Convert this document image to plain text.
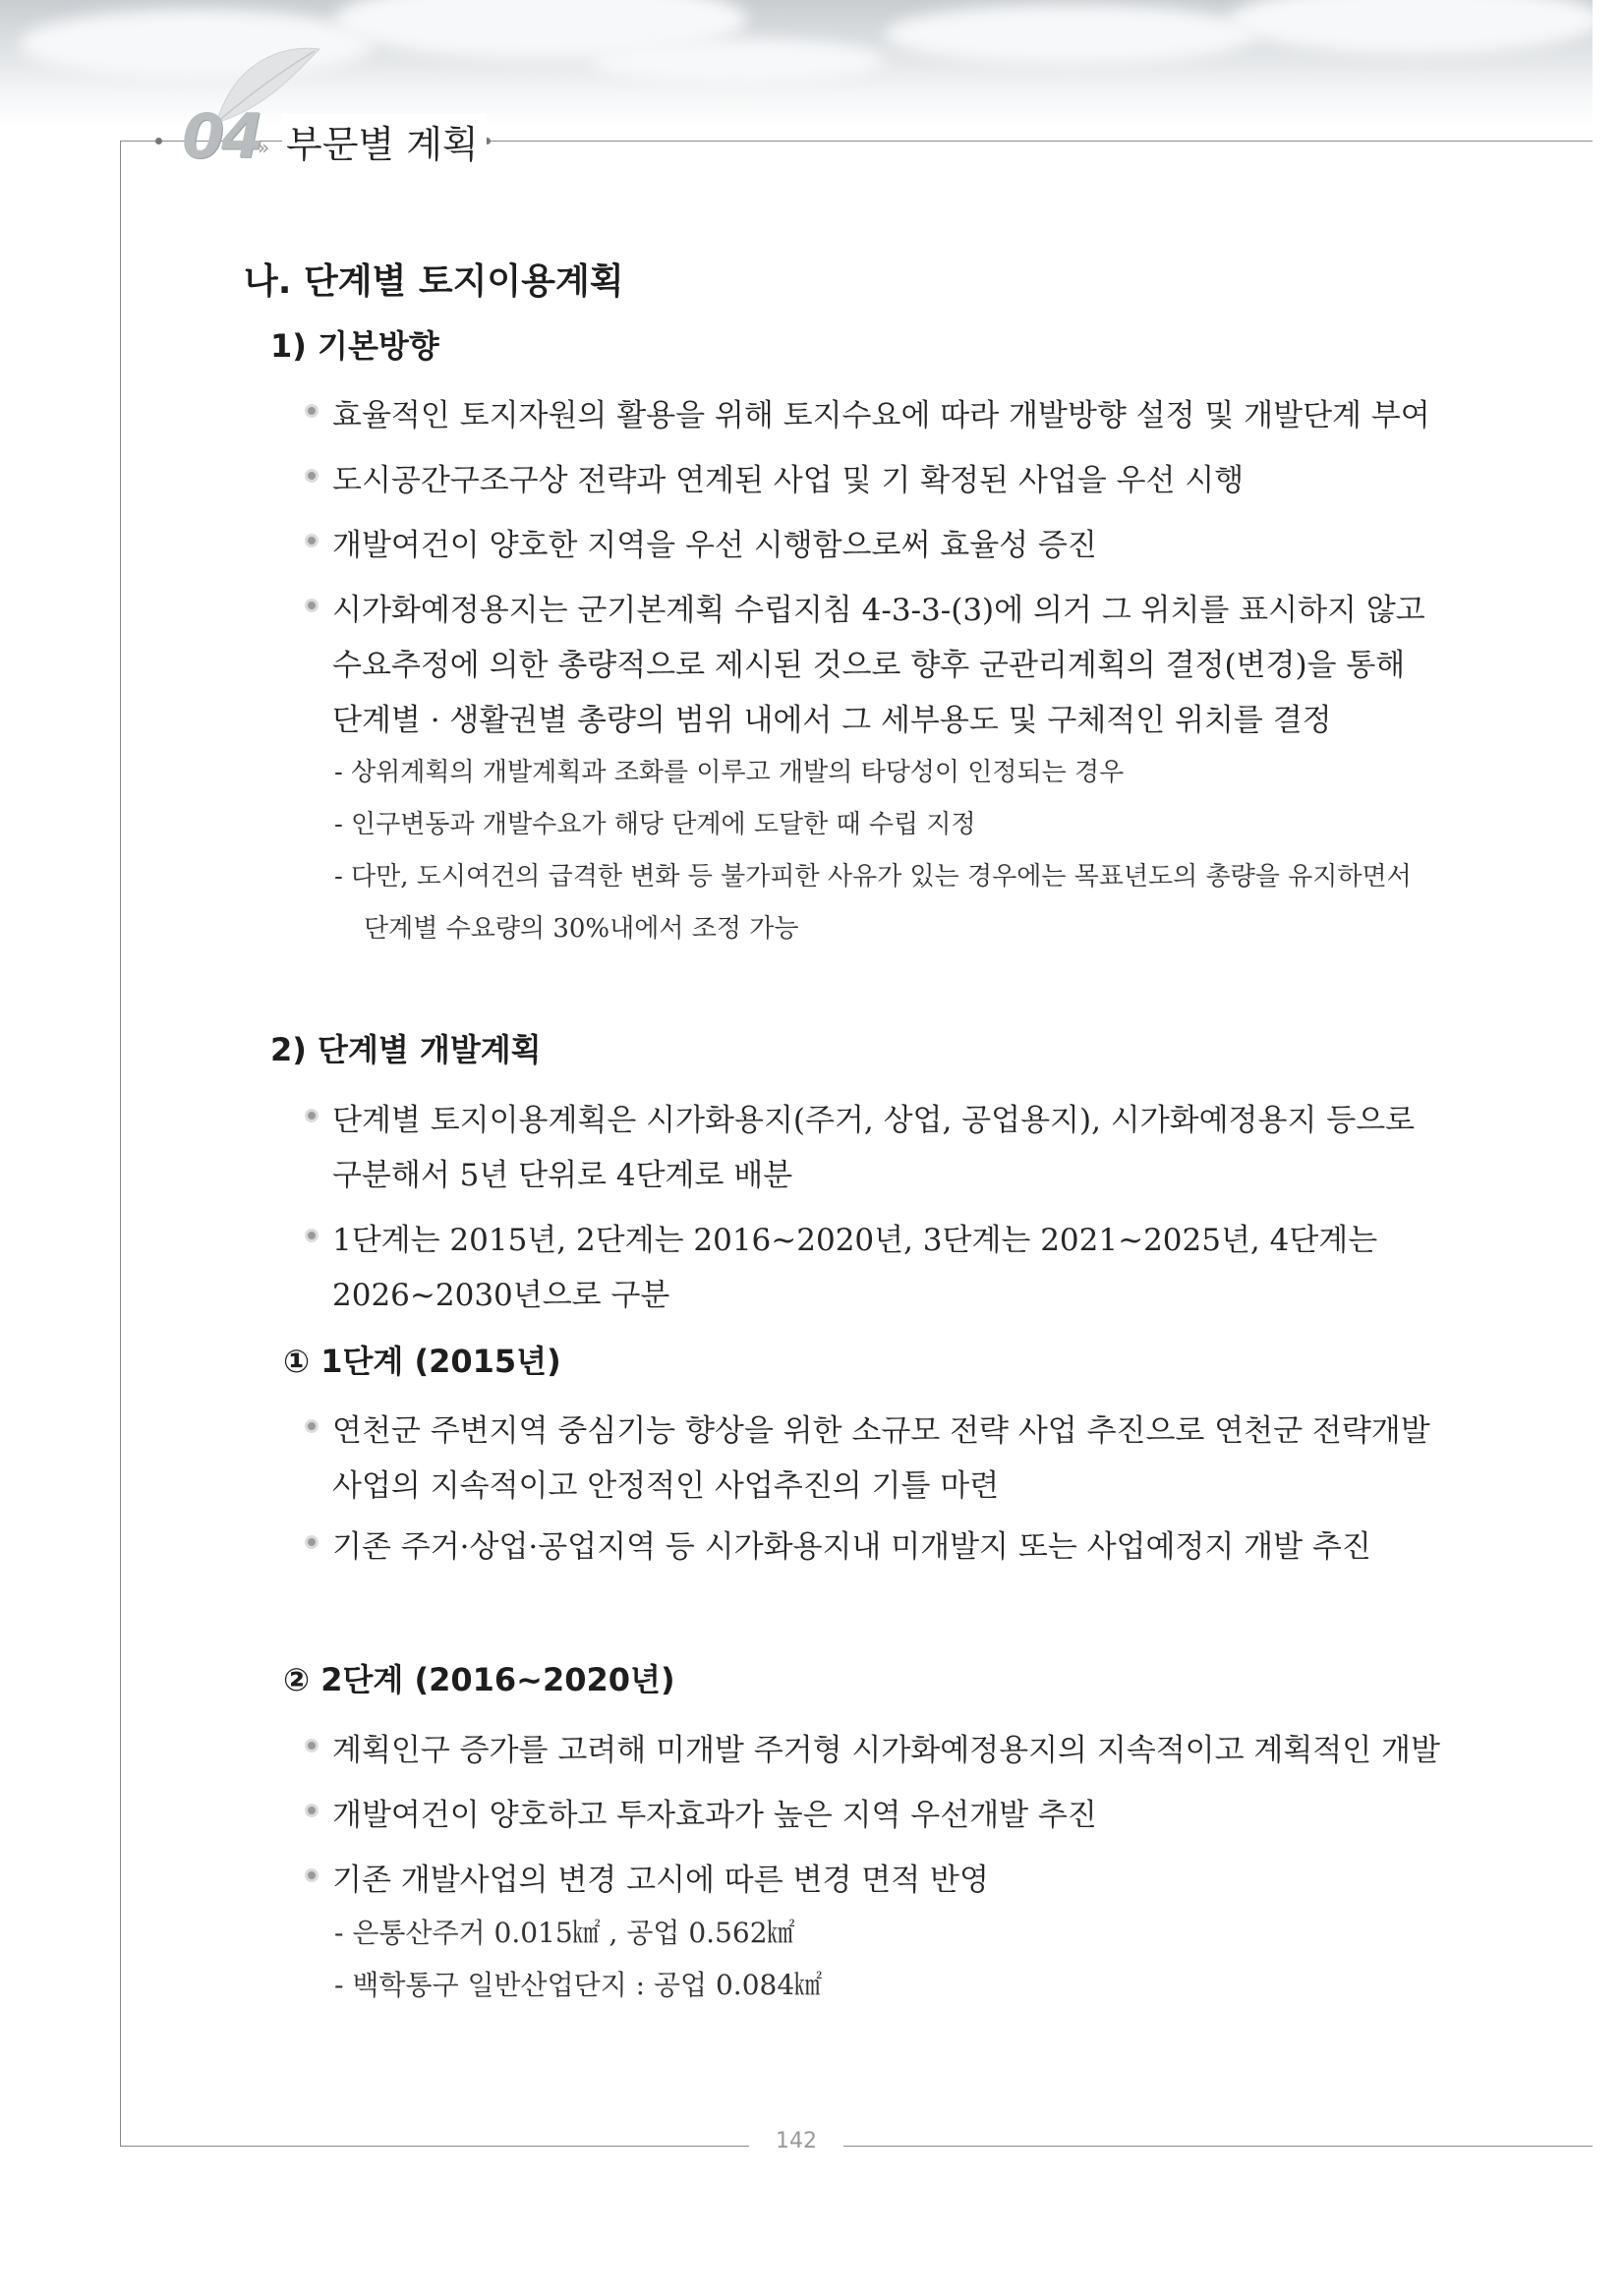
04
» 부문별 계획
나. 단계별 토지이용계획
1) 기본방향
효율적인 토지자원의 활용을 위해 토지수요에 따라 개발방향 설정 및 개발단계 부여
도시공간구조구상 전략과 연계된 사업 및 기 확정된 사업을 우선 시행
개발여건이 양호한 지역을 우선 시행함으로써 효율성 증진
시가화예정용지는 군기본계획 수립지침 4-3-3-(3)에 의거 그 위치를 표시하지 않고
수요추정에 의한 총량적으로 제시된 것으로 향후 군관리계획의 결정(변경)을 통해
단계별 · 생활권별 총량의 범위 내에서 그 세부용도 및 구체적인 위치를 결정
- 상위계획의 개발계획과 조화를 이루고 개발의 타당성이 인정되는 경우
- 인구변동과 개발수요가 해당 단계에 도달한 때 수립 지정
- 다만, 도시여건의 급격한 변화 등 불가피한 사유가 있는 경우에는 목표년도의 총량을 유지하면서
단계별 수요량의 30%내에서 조정 가능
2) 단계별 개발계획
단계별 토지이용계획은 시가화용지(주거, 상업, 공업용지), 시가화예정용지 등으로
구분해서 5년 단위로 4단계로 배분
1단계는 2015년, 2단계는 2016~2020년, 3단계는 2021~2025년, 4단계는
2026~2030년으로 구분
① 1단계 (2015년)
연천군 주변지역 중심기능 향상을 위한 소규모 전략 사업 추진으로 연천군 전략개발
사업의 지속적이고 안정적인 사업추진의 기틀 마련
기존 주거·상업·공업지역 등 시가화용지내 미개발지 또는 사업예정지 개발 추진
② 2단계 (2016~2020년)
계획인구 증가를 고려해 미개발 주거형 시가화예정용지의 지속적이고 계획적인 개발
개발여건이 양호하고 투자효과가 높은 지역 우선개발 추진
기존 개발사업의 변경 고시에 따른 변경 면적 반영
- 은통산주거 0.015㎢ , 공업 0.562㎢
- 백학통구 일반산업단지 : 공업 0.084㎢
142
